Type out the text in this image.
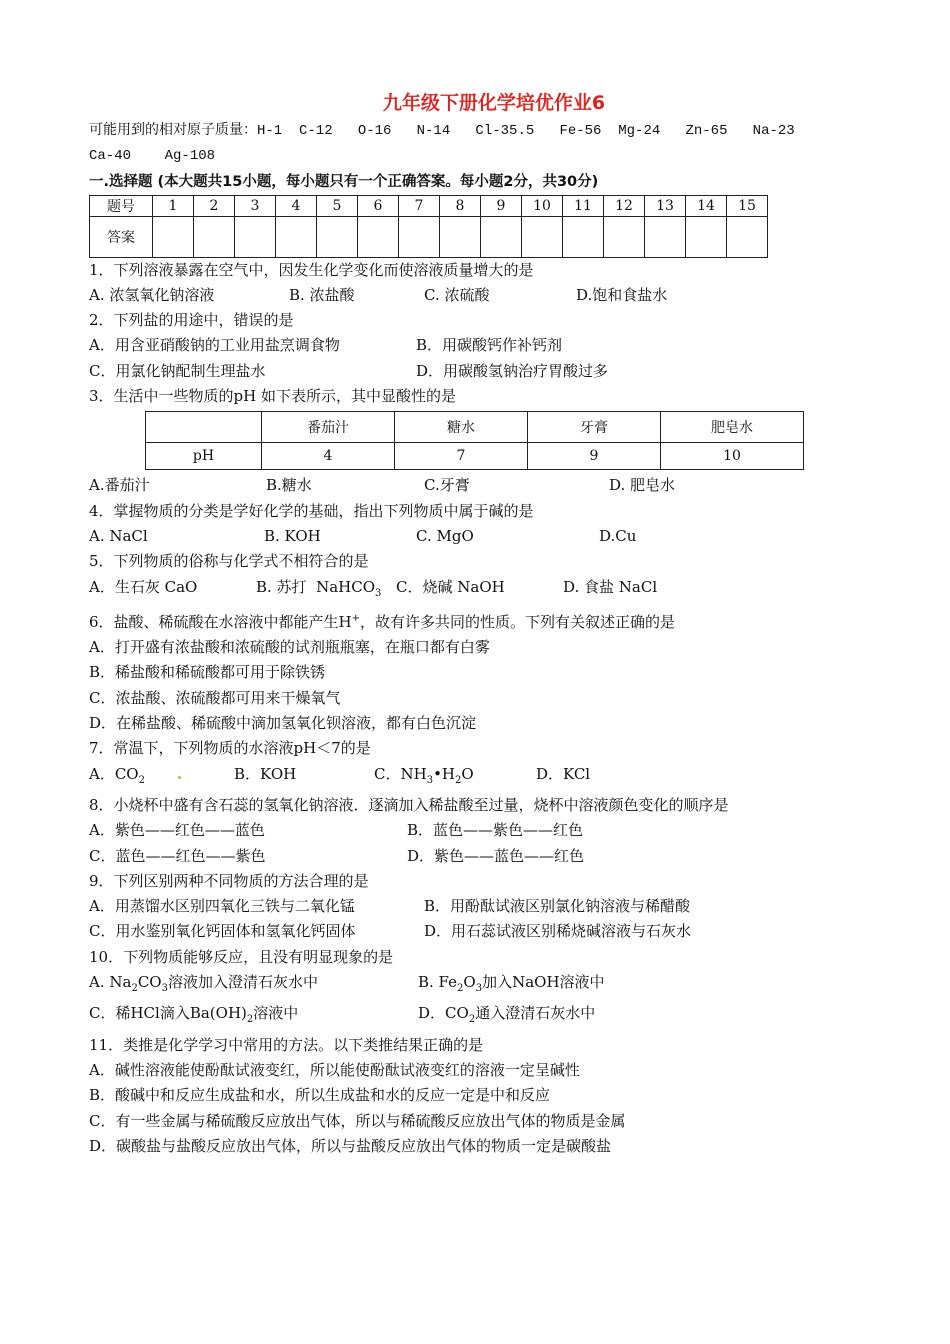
九年级下册化学培优作业6
可能用到的相对原子质量：H-1  C-12   O-16   N-14   Cl-35.5   Fe-56  Mg-24   Zn-65   Na-23
Ca-40    Ag-108
一.选择题 (本大题共15小题，每小题只有一个正确答案。每小题2分，共30分)
题号	1	2	3	4	5	6	7	8	9	10	11	12	13	14	15
答案															
1．下列溶液暴露在空气中，因发生化学变化而使溶液质量增大的是
A. 浓氢氧化钠溶液	B. 浓盐酸	C. 浓硫酸	D.饱和食盐水
2．下列盐的用途中，错误的是
A．用含亚硝酸钠的工业用盐烹调食物	B．用碳酸钙作补钙剂
C．用氯化钠配制生理盐水	D．用碳酸氢钠治疗胃酸过多
3．生活中一些物质的pH 如下表所示，其中显酸性的是
	番茄汁	糖水	牙膏	肥皂水
pH	4	7	9	10
A.番茄汁	B.糖水	C.牙膏	D. 肥皂水
4．掌握物质的分类是学好化学的基础，指出下列物质中属于碱的是
A. NaCl	B. KOH	C. MgO	D.Cu
5．下列物质的俗称与化学式不相符合的是
A．生石灰 CaO	B. 苏打  NaHCO$_3$ C．烧碱 NaOH	D. 食盐 NaCl
6．盐酸、稀硫酸在水溶液中都能产生H+，故有许多共同的性质。下列有关叙述正确的是
A．打开盛有浓盐酸和浓硫酸的试剂瓶瓶塞，在瓶口都有白雾
B．稀盐酸和稀硫酸都可用于除铁锈
C．浓盐酸、浓硫酸都可用来干燥氧气
D．在稀盐酸、稀硫酸中滴加氢氧化钡溶液，都有白色沉淀
7．常温下，下列物质的水溶液pH＜7的是
A．$CO_2$	B．KOH	C．$NH_3•H_2O$	D．KCl
8．小烧杯中盛有含石蕊的氢氧化钠溶液．逐滴加入稀盐酸至过量，烧杯中溶液颜色变化的顺序是
A．紫色——红色——蓝色	B．蓝色——紫色——红色
C．蓝色——红色——紫色	D．紫色——蓝色——红色
9．下列区别两种不同物质的方法合理的是
A．用蒸馏水区别四氧化三铁与二氧化锰	B．用酚酞试液区别氯化钠溶液与稀醋酸
C．用水鉴别氧化钙固体和氢氧化钙固体	D．用石蕊试液区别稀烧碱溶液与石灰水
10．下列物质能够反应，且没有明显现象的是
A. $Na_2CO_3$溶液加入澄清石灰水中	B. $Fe_2O_3$加入NaOH溶液中
C．稀HCl滴入$Ba(OH)_2$溶液中	D．$CO_2$通入澄清石灰水中
11．类推是化学学习中常用的方法。以下类推结果正确的是
A．碱性溶液能使酚酞试液变红，所以能使酚酞试液变红的溶液一定呈碱性
B．酸碱中和反应生成盐和水，所以生成盐和水的反应一定是中和反应
C．有一些金属与稀硫酸反应放出气体，所以与稀硫酸反应放出气体的物质是金属
D．碳酸盐与盐酸反应放出气体，所以与盐酸反应放出气体的物质一定是碳酸盐
